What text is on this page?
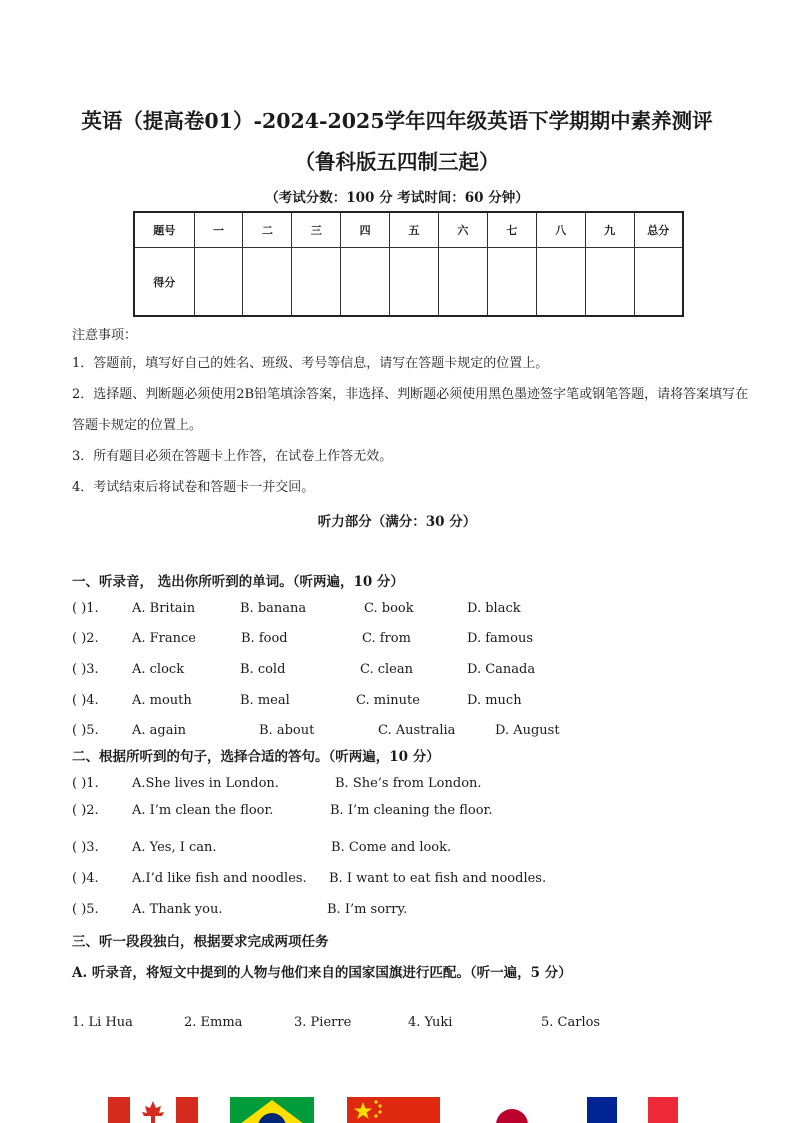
英语（提高卷01）-2024-2025学年四年级英语下学期期中素养测评
（鲁科版五四制三起）
（考试分数：100 分 考试时间：60 分钟）
题号	一	二	三	四	五	六	七	八	九	总分
得分										
注意事项：
1．答题前，填写好自己的姓名、班级、考号等信息，请写在答题卡规定的位置上。
2．选择题、判断题必须使用2B铅笔填涂答案，非选择、判断题必须使用黑色墨迹签字笔或钢笔答题，请将答案填写在答题卡规定的位置上。
3．所有题目必须在答题卡上作答，在试卷上作答无效。
4．考试结束后将试卷和答题卡一并交回。
听力部分（满分：30 分）
一、听录音， 选出你所听到的单词。（听两遍，10 分）
( )1.	A. Britain	B. banana	C. book	D. black
( )2.	A. France	B. food	C. from	D. famous
( )3.	A. clock	B. cold	C. clean	D. Canada
( )4.	A. mouth	B. meal	C. minute	D. much
( )5.	A. again	B. about	C. Australia	D. August
二、根据所听到的句子，选择合适的答句。（听两遍，10 分）
( )1.	A.She lives in London.	B. She’s from London.
( )2.	A. I’m clean the floor.	B. I’m cleaning the floor.
( )3.	A. Yes, I can.	B. Come and look.
( )4.	A.I’d like fish and noodles. B. I want to eat fish and noodles.
( )5.	A. Thank you.	B. I’m sorry.
三、听一段段独白，根据要求完成两项任务
A. 听录音，将短文中提到的人物与他们来自的国家国旗进行匹配。（听一遍，5 分）
1. Li Hua	2. Emma	3. Pierre	4. Yuki	5. Carlos
